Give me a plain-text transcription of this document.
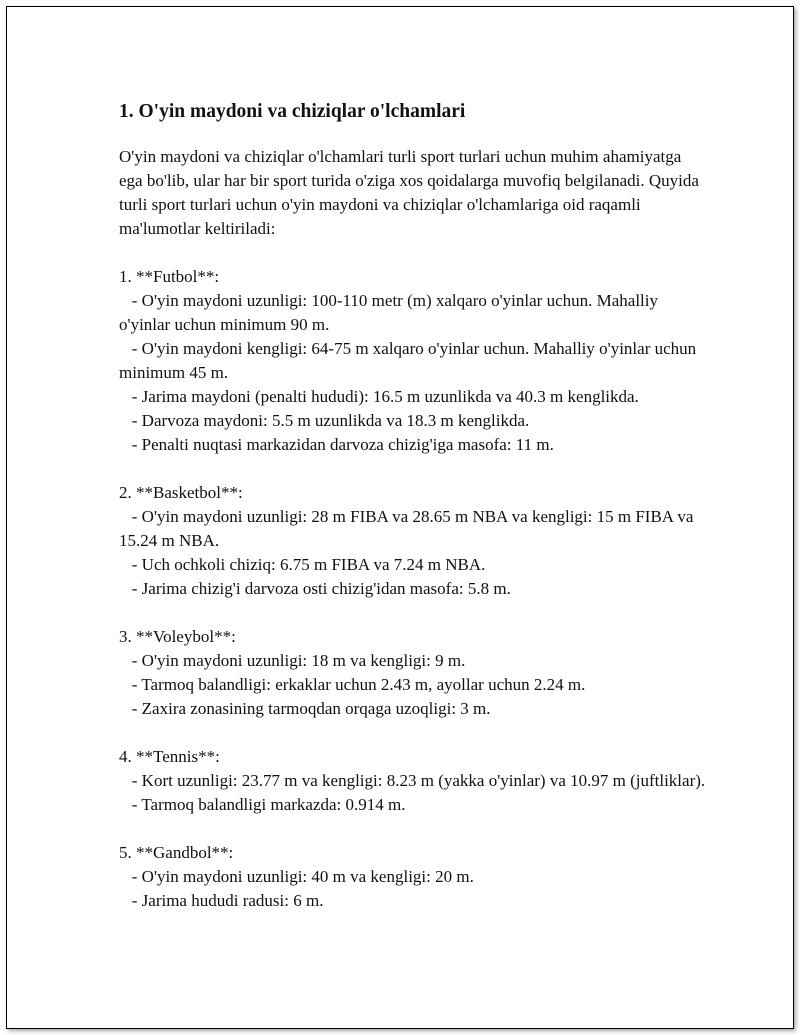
1. O'yin maydoni va chiziqlar o'lchamlari
O'yin maydoni va chiziqlar o'lchamlari turli sport turlari uchun muhim ahamiyatga ega bo'lib, ular har bir sport turida o'ziga xos qoidalarga muvofiq belgilanadi. Quyida turli sport turlari uchun o'yin maydoni va chiziqlar o'lchamlariga oid raqamli ma'lumotlar keltiriladi:
1. **Futbol**:
- O'yin maydoni uzunligi: 100-110 metr (m) xalqaro o'yinlar uchun. Mahalliy o'yinlar uchun minimum 90 m.
- O'yin maydoni kengligi: 64-75 m xalqaro o'yinlar uchun. Mahalliy o'yinlar uchun minimum 45 m.
- Jarima maydoni (penalti hududi): 16.5 m uzunlikda va 40.3 m kenglikda.
- Darvoza maydoni: 5.5 m uzunlikda va 18.3 m kenglikda.
- Penalti nuqtasi markazidan darvoza chizig'iga masofa: 11 m.
2. **Basketbol**:
- O'yin maydoni uzunligi: 28 m FIBA va 28.65 m NBA va kengligi: 15 m FIBA va 15.24 m NBA.
- Uch ochkoli chiziq: 6.75 m FIBA va 7.24 m NBA.
- Jarima chizig'i darvoza osti chizig'idan masofa: 5.8 m.
3. **Voleybol**:
- O'yin maydoni uzunligi: 18 m va kengligi: 9 m.
- Tarmoq balandligi: erkaklar uchun 2.43 m, ayollar uchun 2.24 m.
- Zaxira zonasining tarmoqdan orqaga uzoqligi: 3 m.
4. **Tennis**:
- Kort uzunligi: 23.77 m va kengligi: 8.23 m (yakka o'yinlar) va 10.97 m (juftliklar).
- Tarmoq balandligi markazda: 0.914 m.
5. **Gandbol**:
- O'yin maydoni uzunligi: 40 m va kengligi: 20 m.
- Jarima hududi radusi: 6 m.
